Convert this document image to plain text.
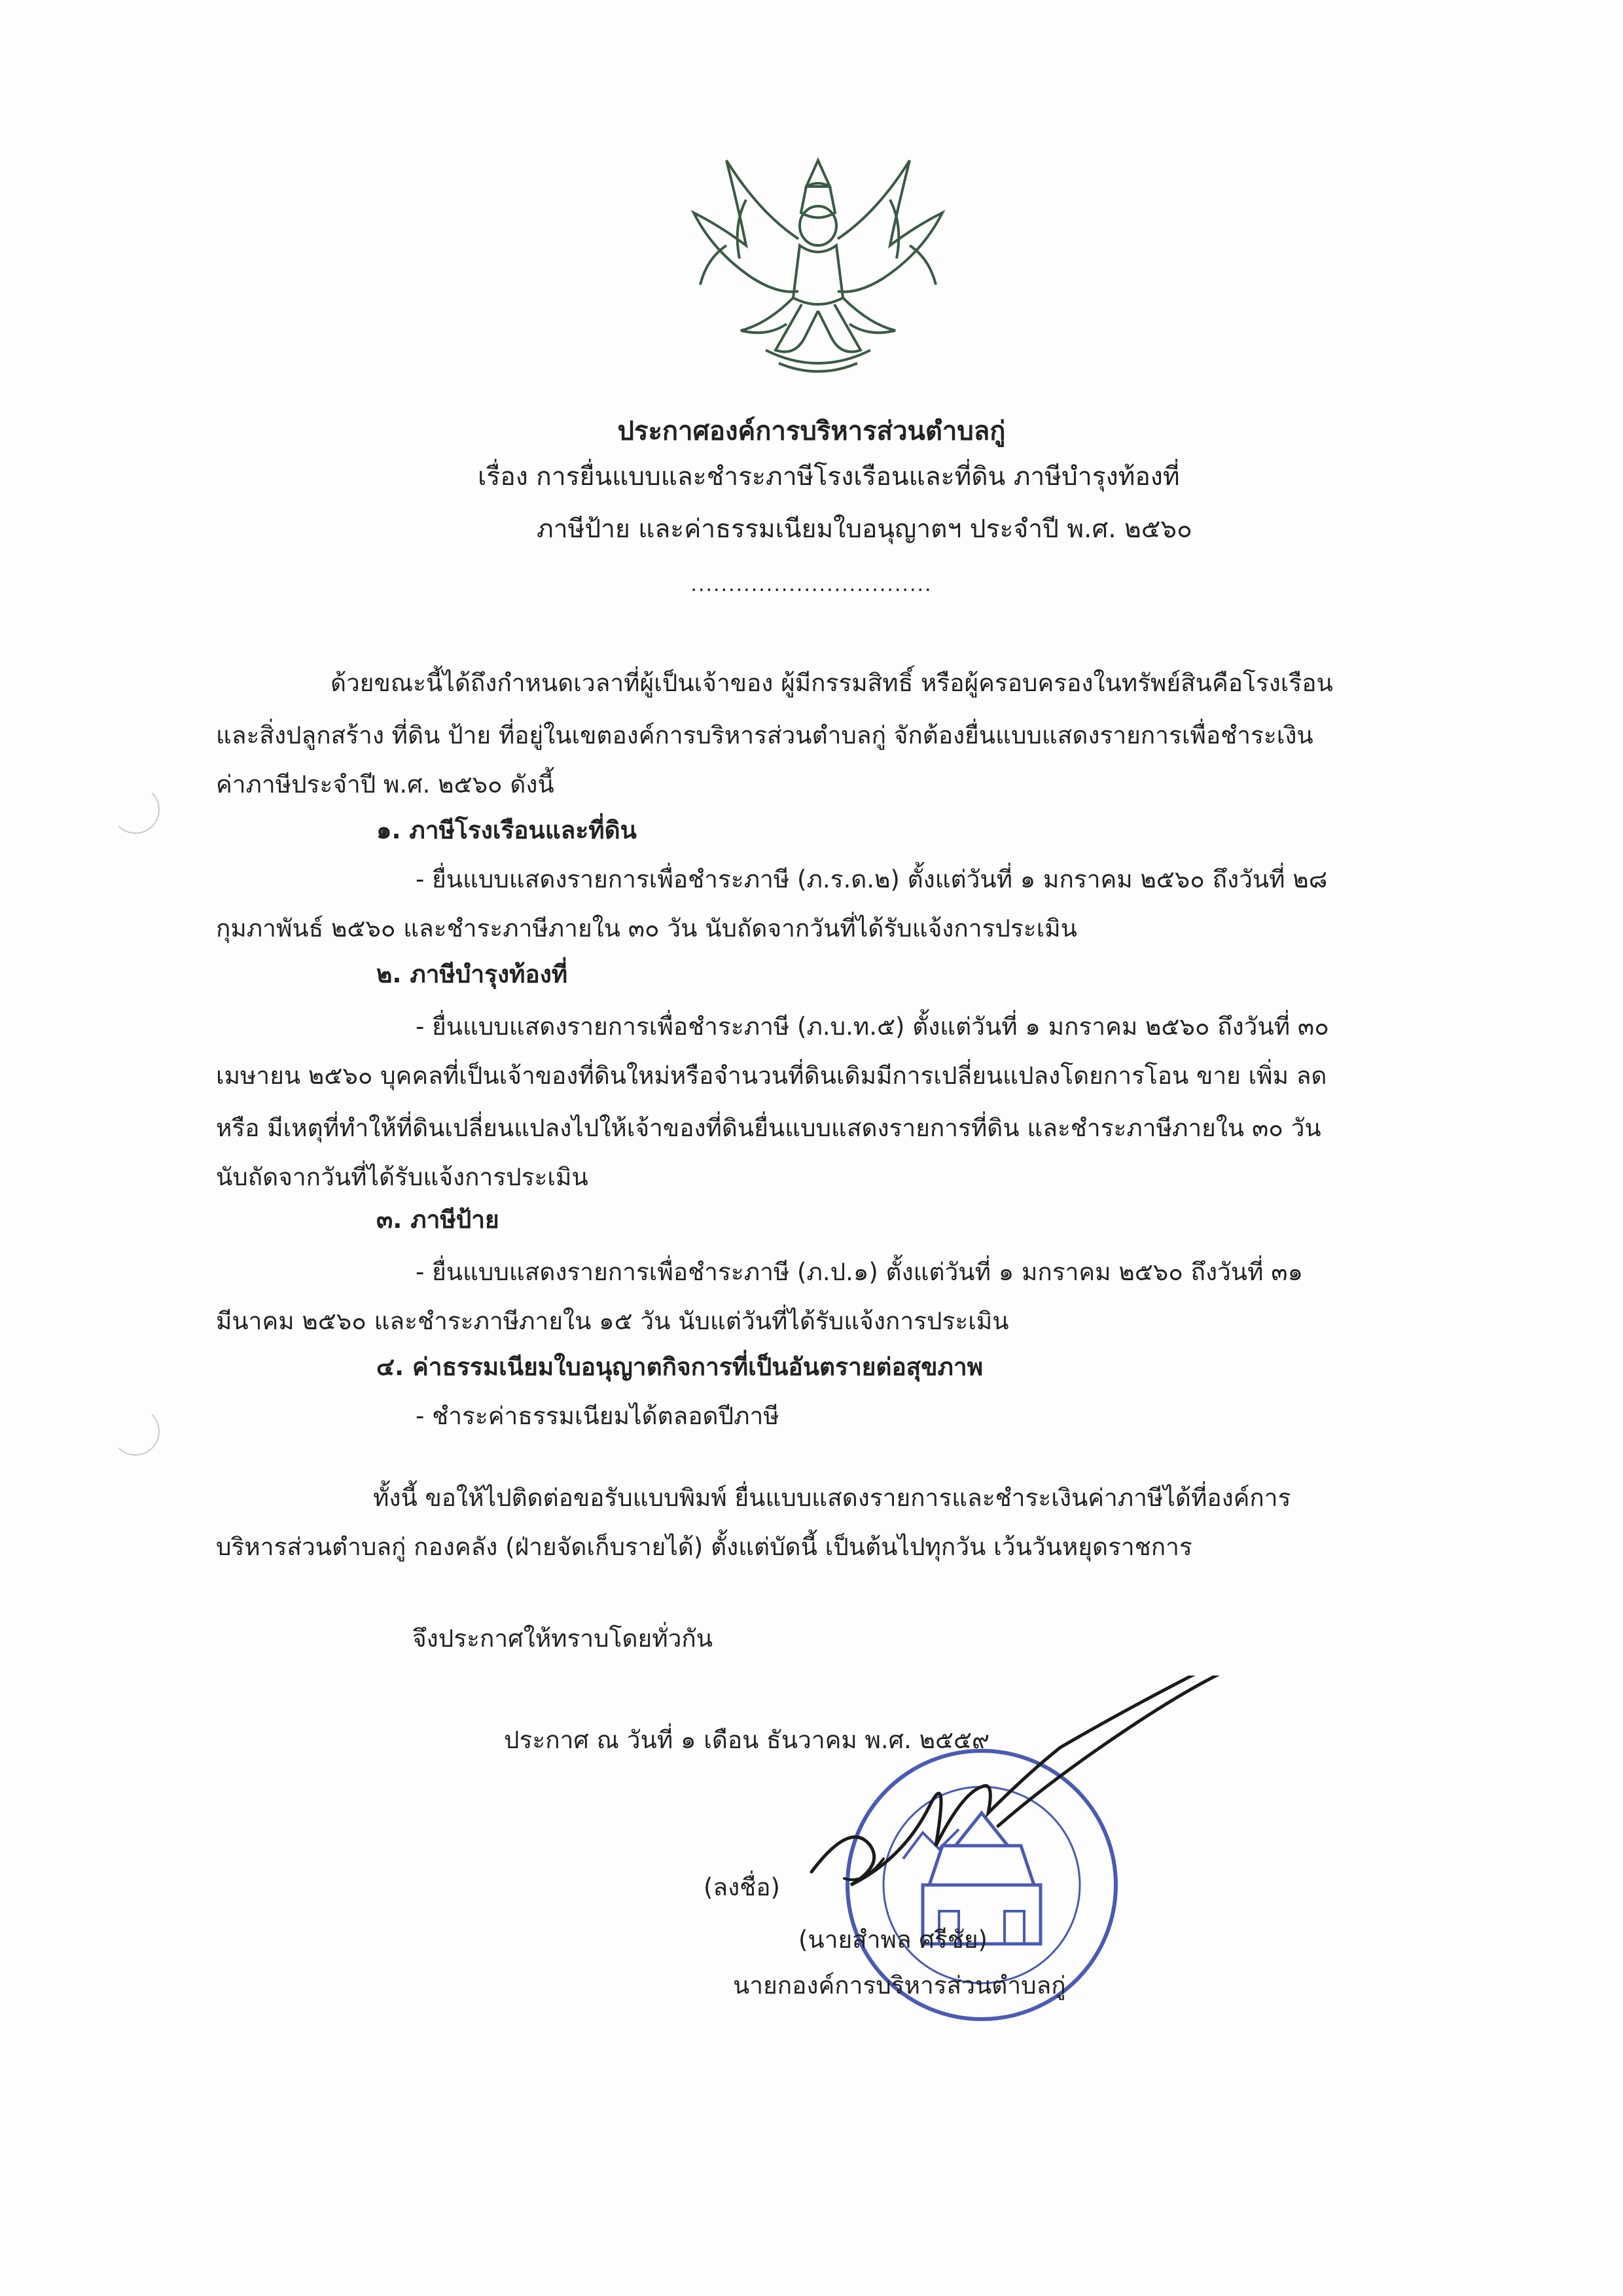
ประกาศองค์การบริหารส่วนตำบลกู่
เรื่อง การยื่นแบบและชำระภาษีโรงเรือนและที่ดิน ภาษีบำรุงท้องที่
ภาษีป้าย และค่าธรรมเนียมใบอนุญาตฯ ประจำปี พ.ศ. ๒๕๖๐
................................
ด้วยขณะนี้ได้ถึงกำหนดเวลาที่ผู้เป็นเจ้าของ ผู้มีกรรมสิทธิ์ หรือผู้ครอบครองในทรัพย์สินคือโรงเรือน
และสิ่งปลูกสร้าง ที่ดิน ป้าย ที่อยู่ในเขตองค์การบริหารส่วนตำบลกู่ จักต้องยื่นแบบแสดงรายการเพื่อชำระเงิน
ค่าภาษีประจำปี พ.ศ. ๒๕๖๐ ดังนี้
๑. ภาษีโรงเรือนและที่ดิน
- ยื่นแบบแสดงรายการเพื่อชำระภาษี (ภ.ร.ด.๒) ตั้งแต่วันที่ ๑ มกราคม ๒๕๖๐ ถึงวันที่ ๒๘
กุมภาพันธ์ ๒๕๖๐ และชำระภาษีภายใน ๓๐ วัน นับถัดจากวันที่ได้รับแจ้งการประเมิน
๒. ภาษีบำรุงท้องที่
- ยื่นแบบแสดงรายการเพื่อชำระภาษี (ภ.บ.ท.๕) ตั้งแต่วันที่ ๑ มกราคม ๒๕๖๐ ถึงวันที่ ๓๐
เมษายน ๒๕๖๐ บุคคลที่เป็นเจ้าของที่ดินใหม่หรือจำนวนที่ดินเดิมมีการเปลี่ยนแปลงโดยการโอน ขาย เพิ่ม ลด
หรือ มีเหตุที่ทำให้ที่ดินเปลี่ยนแปลงไปให้เจ้าของที่ดินยื่นแบบแสดงรายการที่ดิน และชำระภาษีภายใน ๓๐ วัน
นับถัดจากวันที่ได้รับแจ้งการประเมิน
๓. ภาษีป้าย
- ยื่นแบบแสดงรายการเพื่อชำระภาษี (ภ.ป.๑) ตั้งแต่วันที่ ๑ มกราคม ๒๕๖๐ ถึงวันที่ ๓๑
มีนาคม ๒๕๖๐ และชำระภาษีภายใน ๑๕ วัน นับแต่วันที่ได้รับแจ้งการประเมิน
๔. ค่าธรรมเนียมใบอนุญาตกิจการที่เป็นอันตรายต่อสุขภาพ
- ชำระค่าธรรมเนียมได้ตลอดปีภาษี
ทั้งนี้ ขอให้ไปติดต่อขอรับแบบพิมพ์ ยื่นแบบแสดงรายการและชำระเงินค่าภาษีได้ที่องค์การ
บริหารส่วนตำบลกู่ กองคลัง (ฝ่ายจัดเก็บรายได้) ตั้งแต่บัดนี้ เป็นต้นไปทุกวัน เว้นวันหยุดราชการ
จึงประกาศให้ทราบโดยทั่วกัน
ประกาศ ณ วันที่ ๑ เดือน ธันวาคม พ.ศ. ๒๕๕๙
(ลงชื่อ)
(นายสำพล ศรีชัย)
นายกองค์การบริหารส่วนตำบลกู่
